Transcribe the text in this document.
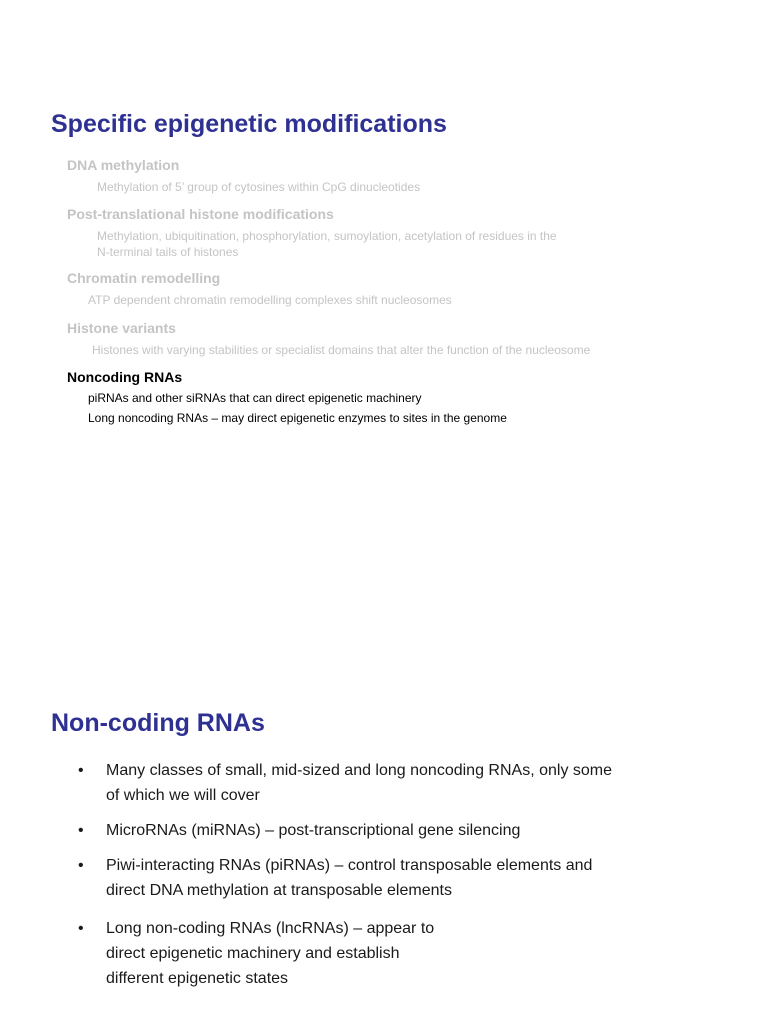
Specific epigenetic modifications
DNA methylation
Methylation of 5’ group of cytosines within CpG dinucleotides
Post-translational histone modifications
Methylation, ubiquitination, phosphorylation, sumoylation, acetylation of residues in the
N-terminal tails of histones
Chromatin remodelling
ATP dependent chromatin remodelling complexes shift nucleosomes
Histone variants
Histones with varying stabilities or specialist domains that alter the function of the nucleosome
Noncoding RNAs
piRNAs and other siRNAs that can direct epigenetic machinery
Long noncoding RNAs – may direct epigenetic enzymes to sites in the genome
Non-coding RNAs
•	Many classes of small, mid-sized and long noncoding RNAs, only some
of which we will cover
•	MicroRNAs (miRNAs) – post-transcriptional gene silencing
•	Piwi-interacting RNAs (piRNAs) – control transposable elements and
direct DNA methylation at transposable elements
•	Long non-coding RNAs (lncRNAs) – appear to
direct epigenetic machinery and establish
different epigenetic states
